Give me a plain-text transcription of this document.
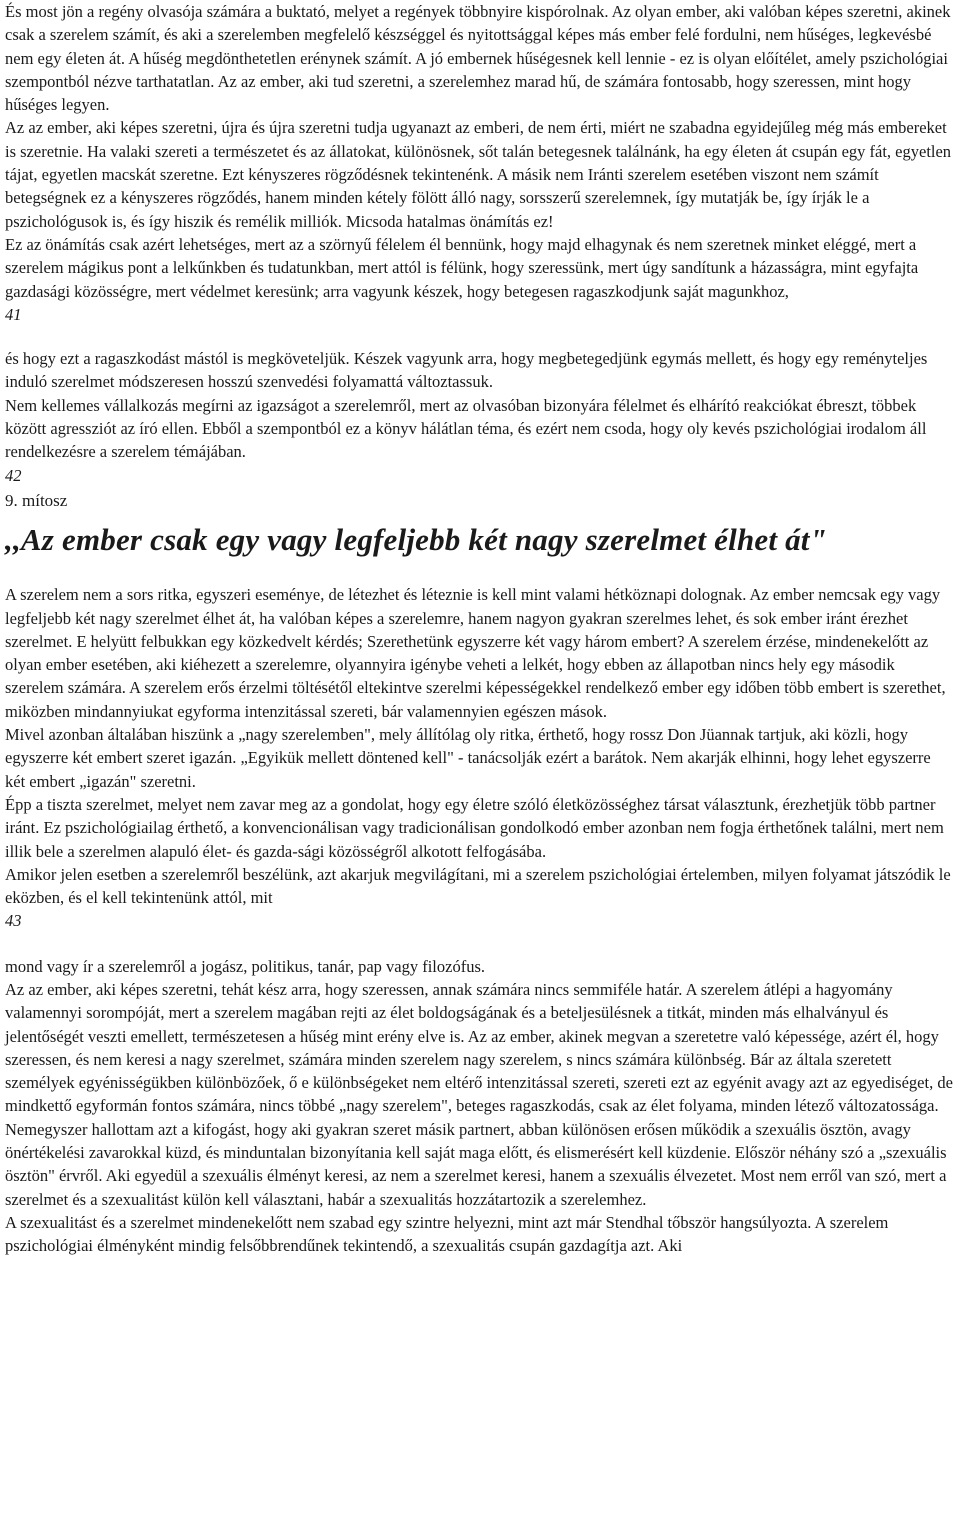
És most jön a regény olvasója számára a buktató, melyet a regények többnyire kispórolnak. Az olyan ember, aki valóban képes szeretni, akinek csak a szerelem számít, és aki a szerelemben megfelelő készséggel és nyitottsággal képes más ember felé fordulni, nem hűséges, legkevésbé nem egy életen át. A hűség megdönthetetlen erénynek számít. A jó embernek hűségesnek kell lennie - ez is olyan előítélet, amely pszichológiai szempontból nézve tarthatatlan. Az az ember, aki tud szeretni, a szerelemhez marad hű, de számára fontosabb, hogy szeressen, mint hogy hűséges legyen.

Az az ember, aki képes szeretni, újra és újra szeretni tudja ugyanazt az emberi, de nem érti, miért ne szabadna egyidejűleg még más embereket is szeretnie. Ha valaki szereti a természetet és az állatokat, különösnek, sőt talán betegesnek találnánk, ha egy életen át csupán egy fát, egyetlen tájat, egyetlen macskát szeretne. Ezt kényszeres rögződésnek tekintenénk. A másik nem Iránti szerelem esetében viszont nem számít betegségnek ez a kényszeres rögződés, hanem minden kétely fölött álló nagy, sorsszerű szerelemnek, így mutatják be, így írják le a pszichológusok is, és így hiszik és remélik milliók. Micsoda hatalmas önámítás ez!

Ez az önámítás csak azért lehetséges, mert az a szörnyű félelem él bennünk, hogy majd elhagynak és nem szeretnek minket eléggé, mert a szerelem mágikus pont a lelkűnkben és tudatunkban, mert attól is félünk, hogy szeressünk, mert úgy sandítunk a házasságra, mint egyfajta gazdasági közösségre, mert védelmet keresünk; arra vagyunk készek, hogy betegesen ragaszkodjunk saját magunkhoz,

41

és hogy ezt a ragaszkodást mástól is megköveteljük. Készek vagyunk arra, hogy megbetegedjünk egymás mellett, és hogy egy reményteljes induló szerelmet módszeresen hosszú szenvedési folyamattá változtassuk.

Nem kellemes vállalkozás megírni az igazságot a szerelemről, mert az olvasóban bizonyára félelmet és elhárító reakciókat ébreszt, többek között agressziót az író ellen. Ebből a szempontból ez a könyv hálátlan téma, és ezért nem csoda, hogy oly kevés pszichológiai irodalom áll rendelkezésre a szerelem témájában.

42

9. mítosz

,,Az ember csak egy vagy legfeljebb két nagy szerelmet élhet át"

A szerelem nem a sors ritka, egyszeri eseménye, de létezhet és léteznie is kell mint valami hétköznapi dolognak. Az ember nemcsak egy vagy legfeljebb két nagy szerelmet élhet át, ha valóban képes a szerelemre, hanem nagyon gyakran szerelmes lehet, és sok ember iránt érezhet szerelmet. E helyütt felbukkan egy közkedvelt kérdés; Szerethetünk egyszerre két vagy három embert? A szerelem érzése, mindenekelőtt az olyan ember esetében, aki kiéhezett a szerelemre, olyannyira igénybe veheti a lelkét, hogy ebben az állapotban nincs hely egy második szerelem számára. A szerelem erős érzelmi töltésétől eltekintve szerelmi képességekkel rendelkező ember egy időben több embert is szerethet, miközben mindannyiukat egyforma intenzitással szereti, bár valamennyien egészen mások.

Mivel azonban általában hiszünk a „nagy szerelemben", mely állítólag oly ritka, érthető, hogy rossz Don Jüannak tartjuk, aki közli, hogy egyszerre két embert szeret igazán. „Egyikük mellett döntened kell" - tanácsolják ezért a barátok. Nem akarják elhinni, hogy lehet egyszerre két embert „igazán" szeretni.

Épp a tiszta szerelmet, melyet nem zavar meg az a gondolat, hogy egy életre szóló életközösséghez társat választunk, érezhetjük több partner iránt. Ez pszichológiailag érthető, a konvencionálisan vagy tradicionálisan gondolkodó ember azonban nem fogja érthetőnek találni, mert nem illik bele a szerelmen alapuló élet- és gazda-sági közösségről alkotott felfogásába.

Amikor jelen esetben a szerelemről beszélünk, azt akarjuk megvilágítani, mi a szerelem pszichológiai értelemben, milyen folyamat játszódik le eközben, és el kell tekintenünk attól, mit

43

mond vagy ír a szerelemről a jogász, politikus, tanár, pap vagy filozófus.

Az az ember, aki képes szeretni, tehát kész arra, hogy szeressen, annak számára nincs semmiféle határ. A szerelem átlépi a hagyomány valamennyi sorompóját, mert a szerelem magában rejti az élet boldogságának és a beteljesülésnek a titkát, minden más elhalványul és jelentőségét veszti emellett, természetesen a hűség mint erény elve is. Az az ember, akinek megvan a szeretetre való képessége, azért él, hogy szeressen, és nem keresi a nagy szerelmet, számára minden szerelem nagy szerelem, s nincs számára különbség. Bár az általa szeretett személyek egyénisségükben különbözőek, ő e különbségeket nem eltérő intenzitással szereti, szereti ezt az egyénit avagy azt az egyediséget, de mindkettő egyformán fontos számára, nincs többé „nagy szerelem", beteges ragaszkodás, csak az élet folyama, minden létező változatossága.

Nemegyszer hallottam azt a kifogást, hogy aki gyakran szeret másik partnert, abban különösen erősen működik a szexuális ösztön, avagy önértékelési zavarokkal küzd, és minduntalan bizonyítania kell saját maga előtt, és elismerésért kell küzdenie. Először néhány szó a „szexuális ösztön" érvről. Aki egyedül a szexuális élményt keresi, az nem a szerelmet keresi, hanem a szexuális élvezetet. Most nem erről van szó, mert a szerelmet és a szexualitást külön kell választani, habár a szexualitás hozzátartozik a szerelemhez.

A szexualitást és a szerelmet mindenekelőtt nem szabad egy szintre helyezni, mint azt már Stendhal tőbször hangsúlyozta. A szerelem pszichológiai élményként mindig felsőbbrendűnek tekintendő, a szexualitás csupán gazdagítja azt. Aki
